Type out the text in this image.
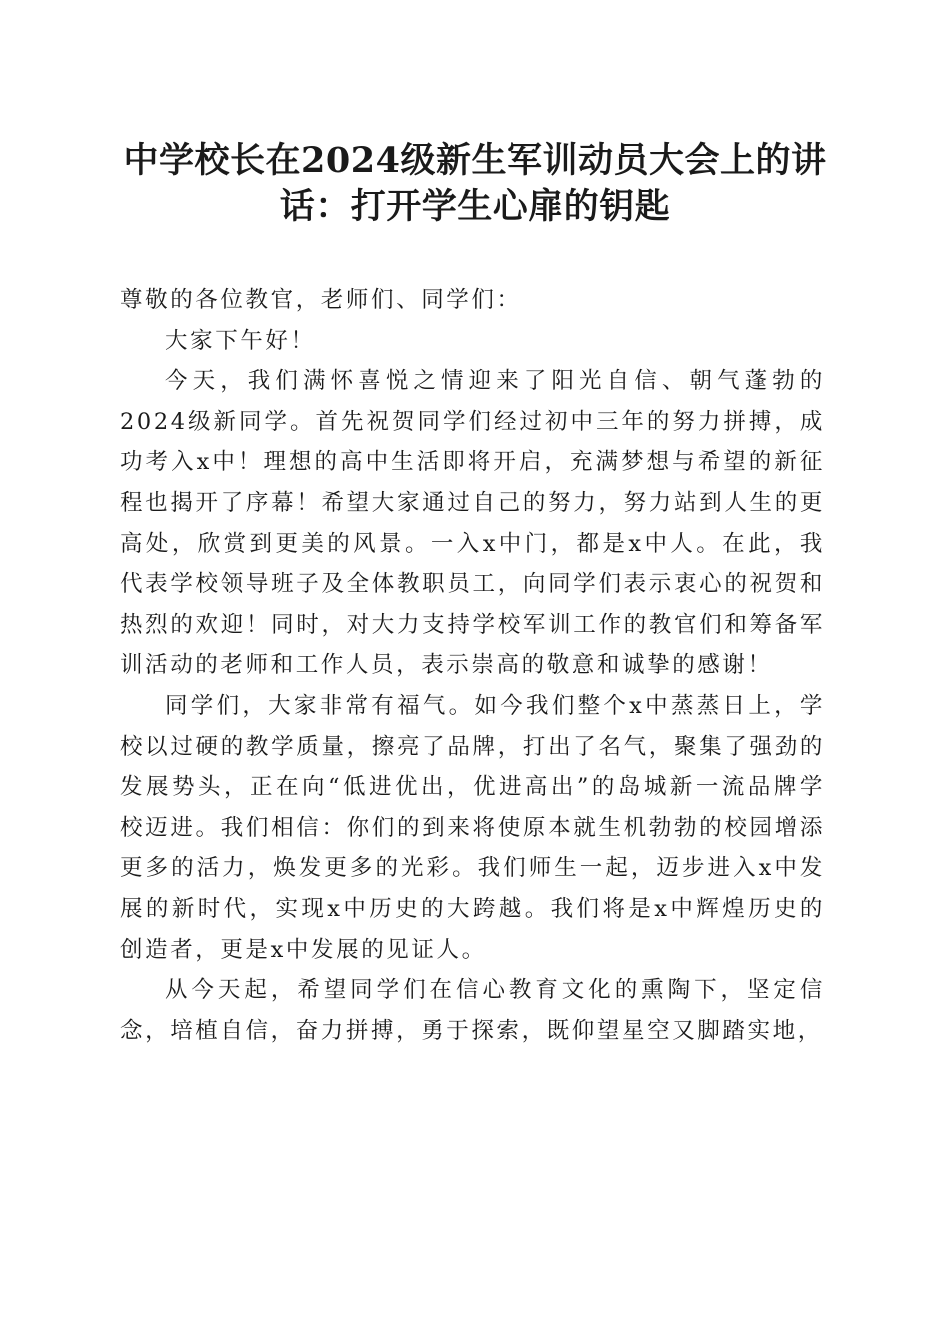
中学校长在2024级新生军训动员大会上的讲话：打开学生心扉的钥匙

尊敬的各位教官，老师们、同学们：

大家下午好！

今天，我们满怀喜悦之情迎来了阳光自信、朝气蓬勃的2024级新同学。首先祝贺同学们经过初中三年的努力拼搏，成功考入x中！理想的高中生活即将开启，充满梦想与希望的新征程也揭开了序幕！希望大家通过自己的努力，努力站到人生的更高处，欣赏到更美的风景。一入x中门，都是x中人。在此，我代表学校领导班子及全体教职员工，向同学们表示衷心的祝贺和热烈的欢迎！同时，对大力支持学校军训工作的教官们和筹备军训活动的老师和工作人员，表示崇高的敬意和诚挚的感谢！

同学们，大家非常有福气。如今我们整个x中蒸蒸日上，学校以过硬的教学质量，擦亮了品牌，打出了名气，聚集了强劲的发展势头，正在向“低进优出，优进高出”的岛城新一流品牌学校迈进。我们相信：你们的到来将使原本就生机勃勃的校园增添更多的活力，焕发更多的光彩。我们师生一起，迈步进入x中发展的新时代，实现x中历史的大跨越。我们将是x中辉煌历史的创造者，更是x中发展的见证人。

从今天起，希望同学们在信心教育文化的熏陶下，坚定信念，培植自信，奋力拼搏，勇于探索，既仰望星空又脚踏实地，
